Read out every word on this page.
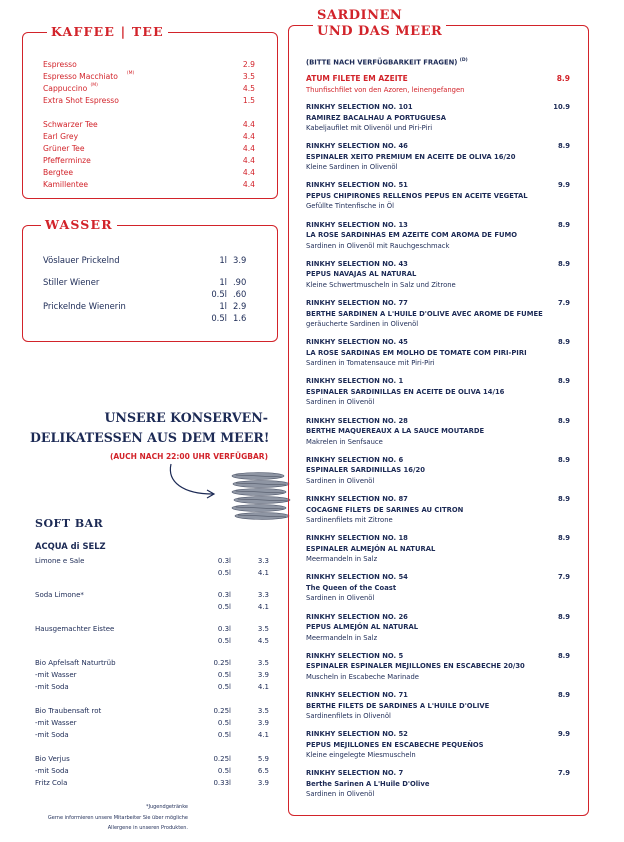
KAFFEE | TEE
Espresso	2.9
Espresso Macchiato (M)	3.5
Cappuccino (M)	4.5
Extra Shot Espresso	1.5
Schwarzer Tee	4.4
Earl Grey	4.4
Grüner Tee	4.4
Pfefferminze	4.4
Bergtee	4.4
Kamillentee	4.4
WASSER
Vöslauer Prickelnd	1l 3.9
Stiller Wiener	1l .90
0.5l .60
Prickelnde Wienerin	1l 2.9
0.5l 1.6
UNSERE KONSERVEN-
DELIKATESSEN AUS DEM MEER!
(AUCH NACH 22:00 UHR VERFÜGBAR)
SOFT BAR
ACQUA di SELZ
Limone e Sale	0.3l	3.3
0.5l	4.1
Soda Limone*	0.3l	3.3
0.5l	4.1
Hausgemachter Eistee	0.3l	3.5
0.5l	4.5
Bio Apfelsaft Naturtrüb	0.25l	3.5
-mit Wasser	0.5l	3.9
-mit Soda	0.5l	4.1
Bio Traubensaft rot	0.25l	3.5
-mit Wasser	0.5l	3.9
-mit Soda	0.5l	4.1
Bio Verjus	0.25l	5.9
-mit Soda	0.5l	6.5
Fritz Cola	0.33l	3.9
*Jugendgetränke
Gerne informieren unsere Mitarbeiter Sie über mögliche
Allergene in unseren Produkten.
SARDINEN
UND DAS MEER
(BITTE NACH VERFÜGBARKEIT FRAGEN) $^{(D)}$
ATUM FILETE EM AZEITE	8.9
Thunfischfilet von den Azoren, leinengefangen
RINKHY SELECTION NO. 101	10.9
RAMIREZ BACALHAU A PORTUGUESA
Kabeljaufilet mit Olivenöl und Piri-Piri
RINKHY SELECTION NO. 46	8.9
ESPINALER XEITO PREMIUM EN ACEITE DE OLIVA 16/20
Kleine Sardinen in Olivenöl
RINKHY SELECTION NO. 51	9.9
PEPUS CHIPIRONES RELLENOS PEPUS EN ACEITE VEGETAL
Gefüllte Tintenfische in Öl
RINKHY SELECTION NO. 13	8.9
LA ROSE SARDINHAS EM AZEITE COM AROMA DE FUMO
Sardinen in Olivenöl mit Rauchgeschmack
RINKHY SELECTION NO. 43	8.9
PEPUS NAVAJAS AL NATURAL
Kleine Schwertmuscheln in Salz und Zitrone
RINKHY SELECTION NO. 77	7.9
BERTHE SARDINEN A L'HUILE D'OLIVE AVEC AROME DE FUMEE
geräucherte Sardinen in Olivenöl
RINKHY SELECTION NO. 45	8.9
LA ROSE SARDINAS EM MOLHO DE TOMATE COM PIRI-PIRI
Sardinen in Tomatensauce mit Piri-Piri
RINKHY SELECTION NO. 1	8.9
ESPINALER SARDINILLAS EN ACEITE DE OLIVA 14/16
Sardinen in Olivenöl
RINKHY SELECTION NO. 28	8.9
BERTHE MAQUEREAUX A LA SAUCE MOUTARDE
Makrelen in Senfsauce
RINKHY SELECTION NO. 6	8.9
ESPINALER SARDINILLAS 16/20
Sardinen in Olivenöl
RINKHY SELECTION NO. 87	8.9
COCAGNE FILETS DE SARINES AU CITRON
Sardinenfilets mit Zitrone
RINKHY SELECTION NO. 18	8.9
ESPINALER ALMEJÓN AL NATURAL
Meermandeln in Salz
RINKHY SELECTION NO. 54	7.9
The Queen of the Coast
Sardinen in Olivenöl
RINKHY SELECTION NO. 26	8.9
PEPUS ALMEJÓN AL NATURAL
Meermandeln in Salz
RINKHY SELECTION NO. 5	8.9
ESPINALER ESPINALER MEJILLONES EN ESCABECHE 20/30
Muscheln in Escabeche Marinade
RINKHY SELECTION NO. 71	8.9
BERTHE FILETS DE SARDINES A L'HUILE D'OLIVE
Sardinenfilets in Olivenöl
RINKHY SELECTION NO. 52	9.9
PEPUS MEJILLONES EN ESCABECHE PEQUEÑOS
Kleine eingelegte Miesmuscheln
RINKHY SELECTION NO. 7	7.9
Berthe Sarinen A L'Huile D'Olive
Sardinen in Olivenöl
